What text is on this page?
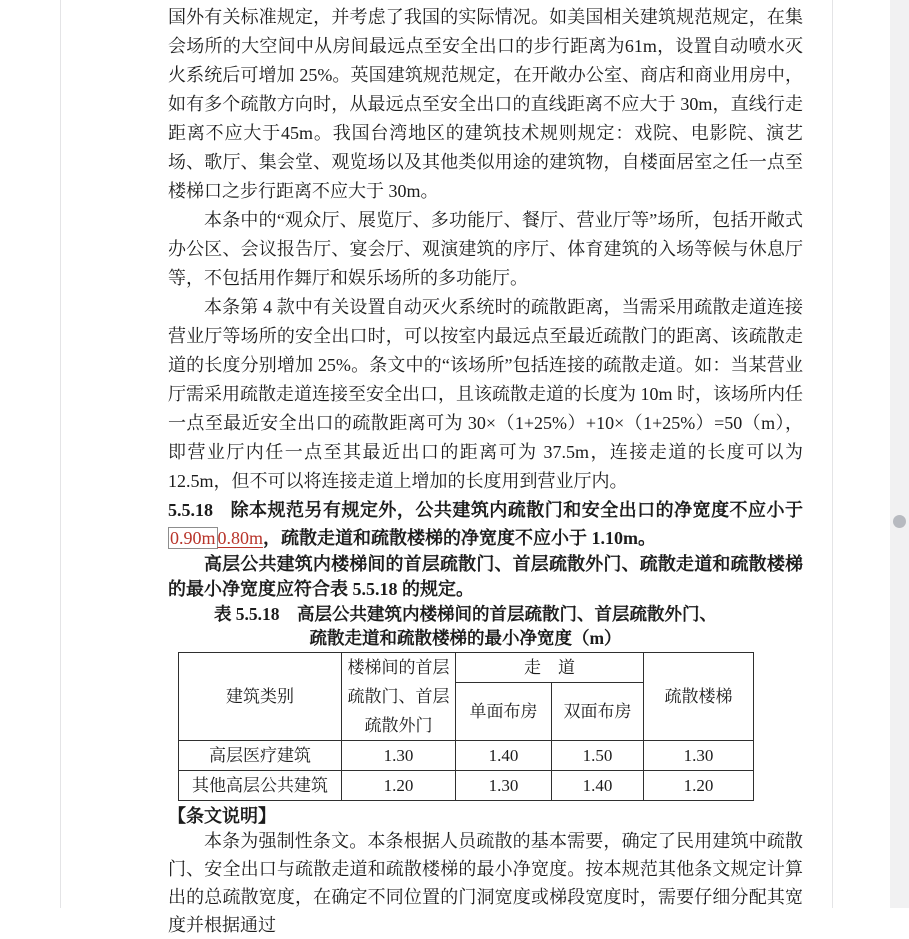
国外有关标准规定，并考虑了我国的实际情况。如美国相关建筑规范规定，在集会场所的大空间中从房间最远点至安全出口的步行距离为61m，设置自动喷水灭火系统后可增加 25%。英国建筑规范规定，在开敞办公室、商店和商业用房中，如有多个疏散方向时，从最远点至安全出口的直线距离不应大于 30m，直线行走距离不应大于45m。我国台湾地区的建筑技术规则规定：戏院、电影院、演艺场、歌厅、集会堂、观览场以及其他类似用途的建筑物，自楼面居室之任一点至楼梯口之步行距离不应大于 30m。

本条中的“观众厅、展览厅、多功能厅、餐厅、营业厅等”场所，包括开敞式办公区、会议报告厅、宴会厅、观演建筑的序厅、体育建筑的入场等候与休息厅等，不包括用作舞厅和娱乐场所的多功能厅。

本条第 4 款中有关设置自动灭火系统时的疏散距离，当需采用疏散走道连接营业厅等场所的安全出口时，可以按室内最远点至最近疏散门的距离、该疏散走道的长度分别增加 25%。条文中的“该场所”包括连接的疏散走道。如：当某营业厅需采用疏散走道连接至安全出口，且该疏散走道的长度为 10m 时，该场所内任一点至最近安全出口的疏散距离可为 30×（1+25%）+10×（1+25%）=50（m），即营业厅内任一点至其最近出口的距离可为 37.5m，连接走道的长度可以为 12.5m，但不可以将连接走道上增加的长度用到营业厅内。

5.5.18 除本规范另有规定外，公共建筑内疏散门和安全出口的净宽度不应小于0.90m 0.80m，疏散走道和疏散楼梯的净宽度不应小于 1.10m。

高层公共建筑内楼梯间的首层疏散门、首层疏散外门、疏散走道和疏散楼梯的最小净宽度应符合表 5.5.18 的规定。

表 5.5.18　高层公共建筑内楼梯间的首层疏散门、首层疏散外门、
疏散走道和疏散楼梯的最小净宽度（m）
建筑类别	楼梯间的首层疏散门、首层疏散外门	走　道		疏散楼梯
		单面布房	双面布房	
高层医疗建筑	1.30	1.40	1.50	1.30
其他高层公共建筑	1.20	1.30	1.40	1.20
【条文说明】

本条为强制性条文。本条根据人员疏散的基本需要，确定了民用建筑中疏散门、安全出口与疏散走道和疏散楼梯的最小净宽度。按本规范其他条文规定计算出的总疏散宽度，在确定不同位置的门洞宽度或梯段宽度时，需要仔细分配其宽度并根据通过
